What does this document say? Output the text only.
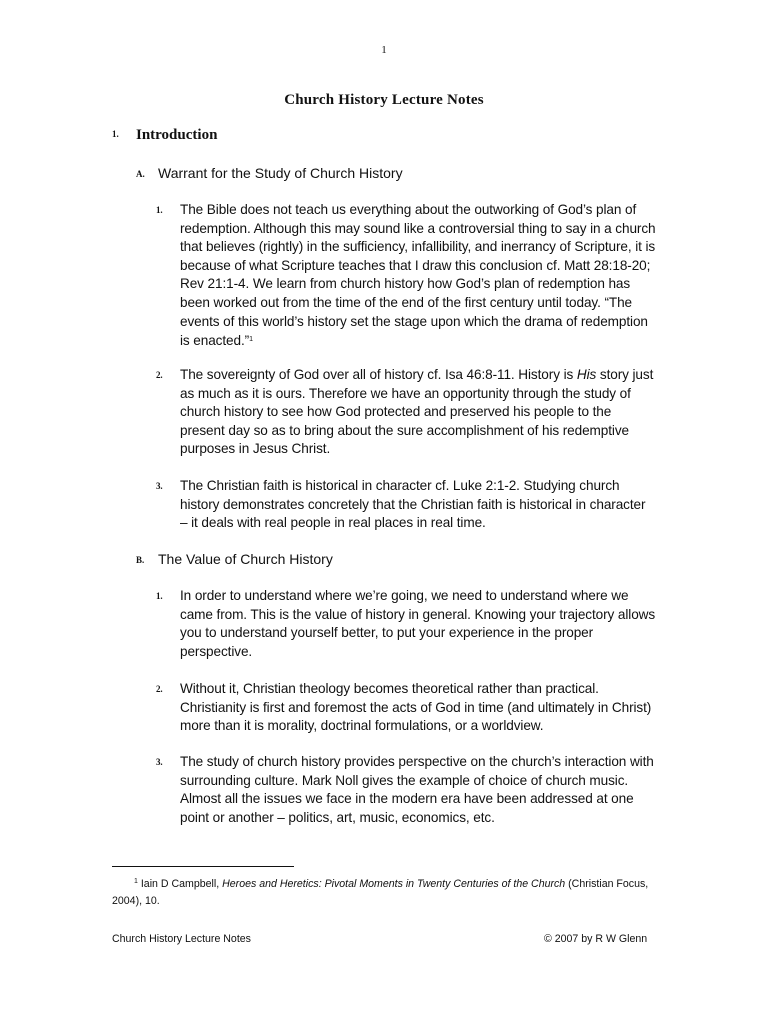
1
Church History Lecture Notes
1. Introduction
A. Warrant for the Study of Church History
1.	The Bible does not teach us everything about the outworking of God’s plan of redemption. Although this may sound like a controversial thing to say in a church that believes (rightly) in the sufficiency, infallibility, and inerrancy of Scripture, it is because of what Scripture teaches that I draw this conclusion cf. Matt 28:18-20; Rev 21:1-4. We learn from church history how God’s plan of redemption has been worked out from the time of the end of the first century until today. “The events of this world’s history set the stage upon which the drama of redemption is enacted.”$^1$
2.	The sovereignty of God over all of history cf. Isa 46:8-11. History is His story just as much as it is ours. Therefore we have an opportunity through the study of church history to see how God protected and preserved his people to the present day so as to bring about the sure accomplishment of his redemptive purposes in Jesus Christ.
3.	The Christian faith is historical in character cf. Luke 2:1-2. Studying church history demonstrates concretely that the Christian faith is historical in character – it deals with real people in real places in real time.
B. The Value of Church History
1.	In order to understand where we’re going, we need to understand where we came from. This is the value of history in general. Knowing your trajectory allows you to understand yourself better, to put your experience in the proper perspective.
2.	Without it, Christian theology becomes theoretical rather than practical. Christianity is first and foremost the acts of God in time (and ultimately in Christ) more than it is morality, doctrinal formulations, or a worldview.
3.	The study of church history provides perspective on the church’s interaction with surrounding culture. Mark Noll gives the example of choice of church music. Almost all the issues we face in the modern era have been addressed at one point or another – politics, art, music, economics, etc.
$^1$ Iain D Campbell, Heroes and Heretics: Pivotal Moments in Twenty Centuries of the Church (Christian Focus, 2004), 10.
Church History Lecture Notes	© 2007 by R W Glenn
